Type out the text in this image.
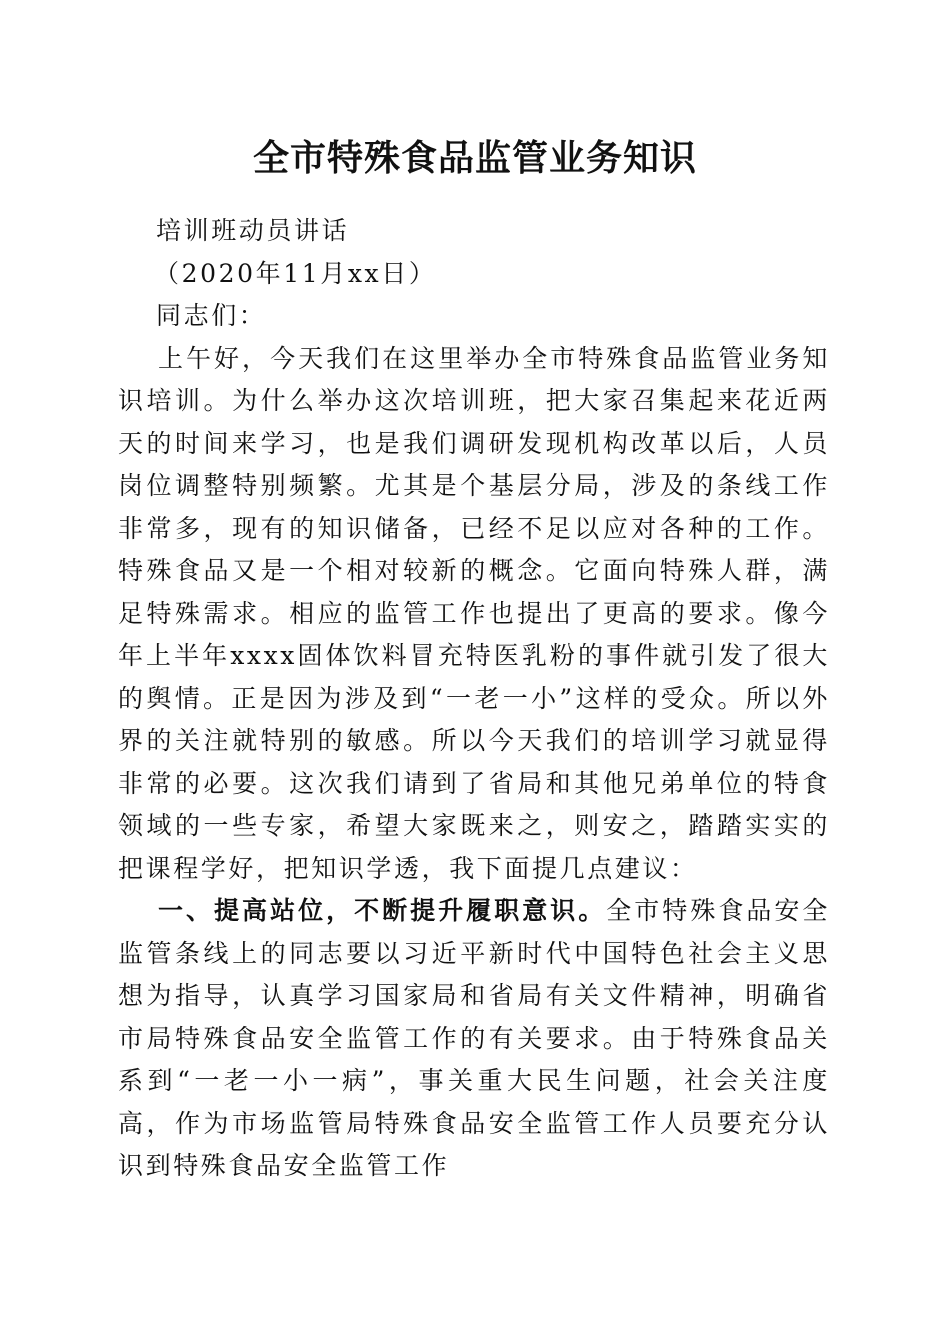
全市特殊食品监管业务知识

培训班动员讲话

（2020年11月xx日）

同志们：

上午好，今天我们在这里举办全市特殊食品监管业务知识培训。为什么举办这次培训班，把大家召集起来花近两天的时间来学习，也是我们调研发现机构改革以后，人员岗位调整特别频繁。尤其是个基层分局，涉及的条线工作非常多，现有的知识储备，已经不足以应对各种的工作。特殊食品又是一个相对较新的概念。它面向特殊人群，满足特殊需求。相应的监管工作也提出了更高的要求。像今年上半年xxxx固体饮料冒充特医乳粉的事件就引发了很大的舆情。正是因为涉及到“一老一小”这样的受众。所以外界的关注就特别的敏感。所以今天我们的培训学习就显得非常的必要。这次我们请到了省局和其他兄弟单位的特食领域的一些专家，希望大家既来之，则安之，踏踏实实的把课程学好，把知识学透，我下面提几点建议：

一、提高站位，不断提升履职意识。全市特殊食品安全监管条线上的同志要以习近平新时代中国特色社会主义思想为指导，认真学习国家局和省局有关文件精神，明确省市局特殊食品安全监管工作的有关要求。由于特殊食品关系到“一老一小一病”，事关重大民生问题，社会关注度高，作为市场监管局特殊食品安全监管工作人员要充分认识到特殊食品安全监管工作
